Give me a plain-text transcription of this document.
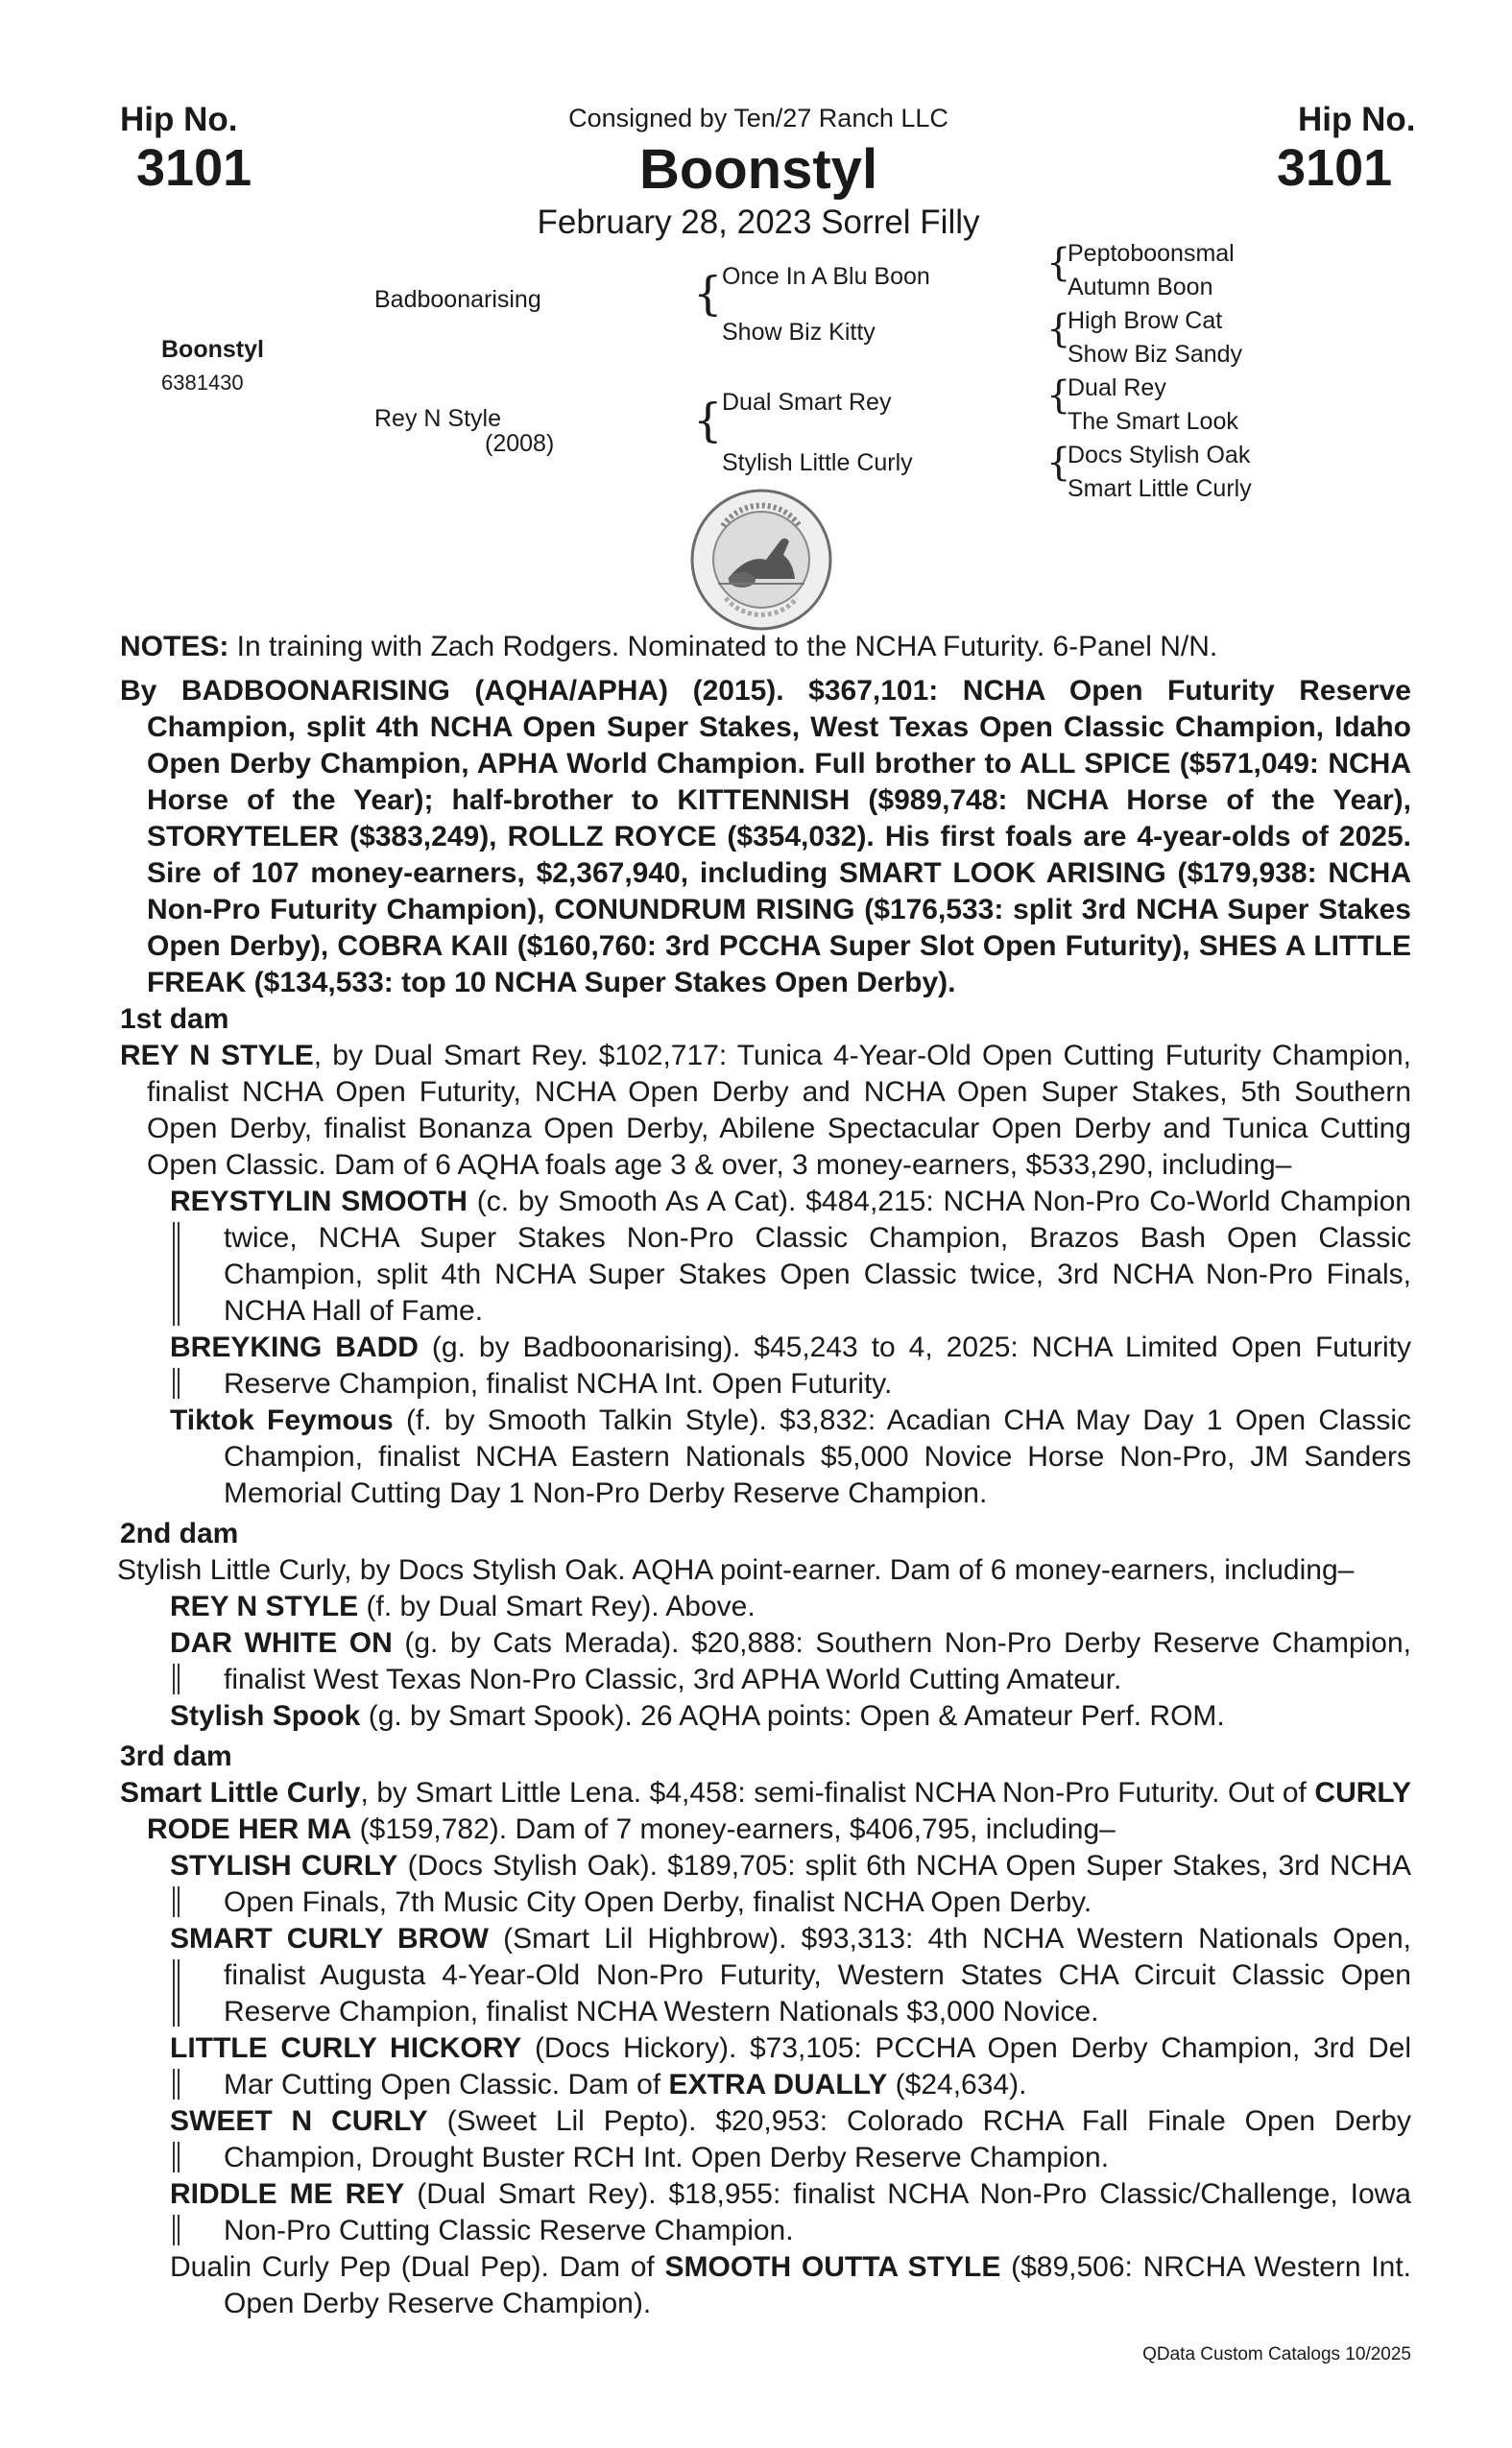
Hip No.
3101
Hip No.
3101
Consigned by Ten/27 Ranch LLC
Boonstyl
February 28, 2023 Sorrel Filly
Boonstyl
6381430
Badboonarising
Rey N Style
(2008)
{ Once In A Blu Boon
Show Biz Kitty
{ Dual Smart Rey
Stylish Little Curly
{
Peptoboonsmal
Autumn Boon
{
High Brow Cat
Show Biz Sandy
{
Dual Rey
The Smart Look
{
Docs Stylish Oak
Smart Little Curly

NOTES: In training with Zach Rodgers. Nominated to the NCHA Futurity. 6-Panel N/N.

By BADBOONARISING (AQHA/APHA) (2015). $367,101: NCHA Open Futurity Reserve Champion, split 4th NCHA Open Super Stakes, West Texas Open Classic Champion, Idaho Open Derby Champion, APHA World Champion. Full brother to ALL SPICE ($571,049: NCHA Horse of the Year); half-brother to KITTENNISH ($989,748: NCHA Horse of the Year), STORYTELER ($383,249), ROLLZ ROYCE ($354,032). His first foals are 4-year-olds of 2025. Sire of 107 money-earners, $2,367,940, including SMART LOOK ARISING ($179,938: NCHA Non-Pro Futurity Champion), CONUNDRUM RISING ($176,533: split 3rd NCHA Super Stakes Open Derby), COBRA KAII ($160,760: 3rd PCCHA Super Slot Open Futurity), SHES A LITTLE FREAK ($134,533: top 10 NCHA Super Stakes Open Derby).

1st dam

REY N STYLE, by Dual Smart Rey. $102,717: Tunica 4-Year-Old Open Cutting Futurity Champion, finalist NCHA Open Futurity, NCHA Open Derby and NCHA Open Super Stakes, 5th Southern Open Derby, finalist Bonanza Open Derby, Abilene Spectacular Open Derby and Tunica Cutting Open Classic. Dam of 6 AQHA foals age 3 & over, 3 money-earners, $533,290, including–

REYSTYLIN SMOOTH (c. by Smooth As A Cat). $484,215: NCHA Non-Pro Co-World Champion twice, NCHA Super Stakes Non-Pro Classic Champion, Brazos Bash Open Classic Champion, split 4th NCHA Super Stakes Open Classic twice, 3rd NCHA Non-Pro Finals, NCHA Hall of Fame.
BREYKING BADD (g. by Badboonarising). $45,243 to 4, 2025: NCHA Limited Open Futurity Reserve Champion, finalist NCHA Int. Open Futurity.
Tiktok Feymous (f. by Smooth Talkin Style). $3,832: Acadian CHA May Day 1 Open Classic Champion, finalist NCHA Eastern Nationals $5,000 Novice Horse Non-Pro, JM Sanders Memorial Cutting Day 1 Non-Pro Derby Reserve Champion.
2nd dam

Stylish Little Curly, by Docs Stylish Oak. AQHA point-earner. Dam of 6 money-earners, including–

REY N STYLE (f. by Dual Smart Rey). Above.
DAR WHITE ON (g. by Cats Merada). $20,888: Southern Non-Pro Derby Reserve Champion, finalist West Texas Non-Pro Classic, 3rd APHA World Cutting Amateur.
Stylish Spook (g. by Smart Spook). 26 AQHA points: Open & Amateur Perf. ROM.
3rd dam

Smart Little Curly, by Smart Little Lena. $4,458: semi-finalist NCHA Non-Pro Futurity. Out of CURLY RODE HER MA ($159,782). Dam of 7 money-earners, $406,795, including–

STYLISH CURLY (Docs Stylish Oak). $189,705: split 6th NCHA Open Super Stakes, 3rd NCHA Open Finals, 7th Music City Open Derby, finalist NCHA Open Derby.
SMART CURLY BROW (Smart Lil Highbrow). $93,313: 4th NCHA Western Nationals Open, finalist Augusta 4-Year-Old Non-Pro Futurity, Western States CHA Circuit Classic Open Reserve Champion, finalist NCHA Western Nationals $3,000 Novice.
LITTLE CURLY HICKORY (Docs Hickory). $73,105: PCCHA Open Derby Champion, 3rd Del Mar Cutting Open Classic. Dam of EXTRA DUALLY ($24,634).
SWEET N CURLY (Sweet Lil Pepto). $20,953: Colorado RCHA Fall Finale Open Derby Champion, Drought Buster RCH Int. Open Derby Reserve Champion.
RIDDLE ME REY (Dual Smart Rey). $18,955: finalist NCHA Non-Pro Classic/Challenge, Iowa Non-Pro Cutting Classic Reserve Champion.
Dualin Curly Pep (Dual Pep). Dam of SMOOTH OUTTA STYLE ($89,506: NRCHA Western Int. Open Derby Reserve Champion).
QData Custom Catalogs 10/2025
